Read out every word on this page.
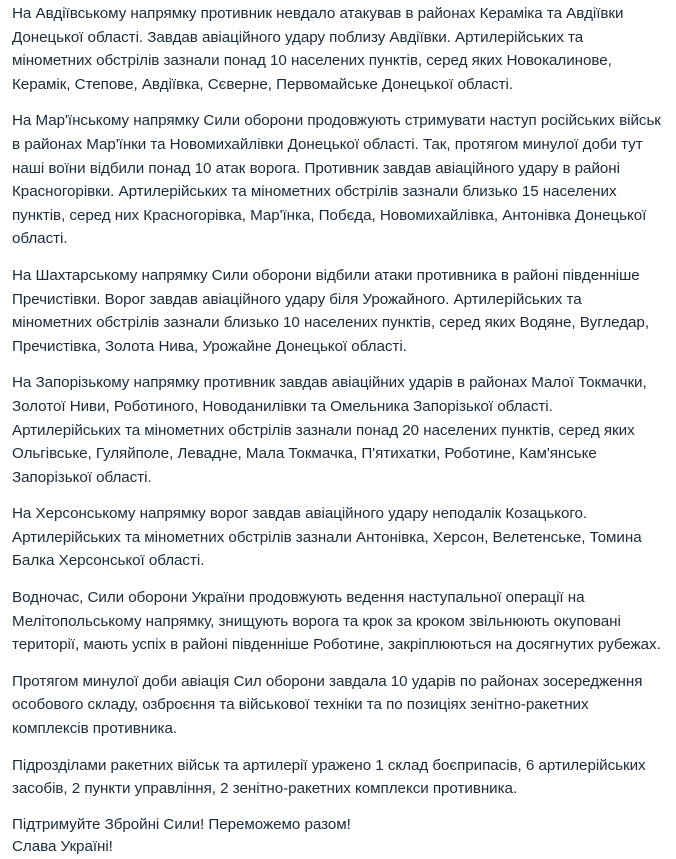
На Авдіївському напрямку противник невдало атакував в районах Кераміка та Авдіївки Донецької області. Завдав авіаційного удару поблизу Авдіївки. Артилерійських та мінометних обстрілів зазнали понад 10 населених пунктів, серед яких Новокалинове, Керамік, Степове, Авдіївка, Сєверне, Первомайське Донецької області.

На Мар'їнському напрямку Сили оборони продовжують стримувати наступ російських військ в районах Мар'їнки та Новомихайлівки Донецької області. Так, протягом минулої доби тут наші воїни відбили понад 10 атак ворога. Противник завдав авіаційного удару в районі Красногорівки. Артилерійських та мінометних обстрілів зазнали близько 15 населених пунктів, серед них Красногорівка, Мар'їнка, Побєда, Новомихайлівка, Антонівка Донецької області.

На Шахтарському напрямку Сили оборони відбили атаки противника в районі південніше Пречистівки. Ворог завдав авіаційного удару біля Урожайного. Артилерійських та мінометних обстрілів зазнали близько 10 населених пунктів, серед яких Водяне, Вугледар, Пречистівка, Золота Нива, Урожайне Донецької області.

На Запорізькому напрямку противник завдав авіаційних ударів в районах Малої Токмачки, Золотої Ниви, Роботиного, Новоданилівки та Омельника Запорізької області. Артилерійських та мінометних обстрілів зазнали понад 20 населених пунктів, серед яких Ольгівське, Гуляйполе, Левадне, Мала Токмачка, П'ятихатки, Роботине, Кам'янське Запорізької області.

На Херсонському напрямку ворог завдав авіаційного удару неподалік Козацького. Артилерійських та мінометних обстрілів зазнали Антонівка, Херсон, Велетенське, Томина Балка Херсонської області.

Водночас, Сили оборони України продовжують ведення наступальної операції на Мелітопольському напрямку, знищують ворога та крок за кроком звільнюють окуповані території, мають успіх в районі південніше Роботине, закріплюються на досягнутих рубежах.

Протягом минулої доби авіація Сил оборони завдала 10 ударів по районах зосередження особового складу, озброєння та військової техніки та по позиціях зенітно-ракетних комплексів противника.

Підрозділами ракетних військ та артилерії уражено 1 склад боєприпасів, 6 артилерійських засобів, 2 пункти управління, 2 зенітно-ракетних комплекси противника.

Підтримуйте Збройні Сили! Переможемо разом!
Слава Україні!
